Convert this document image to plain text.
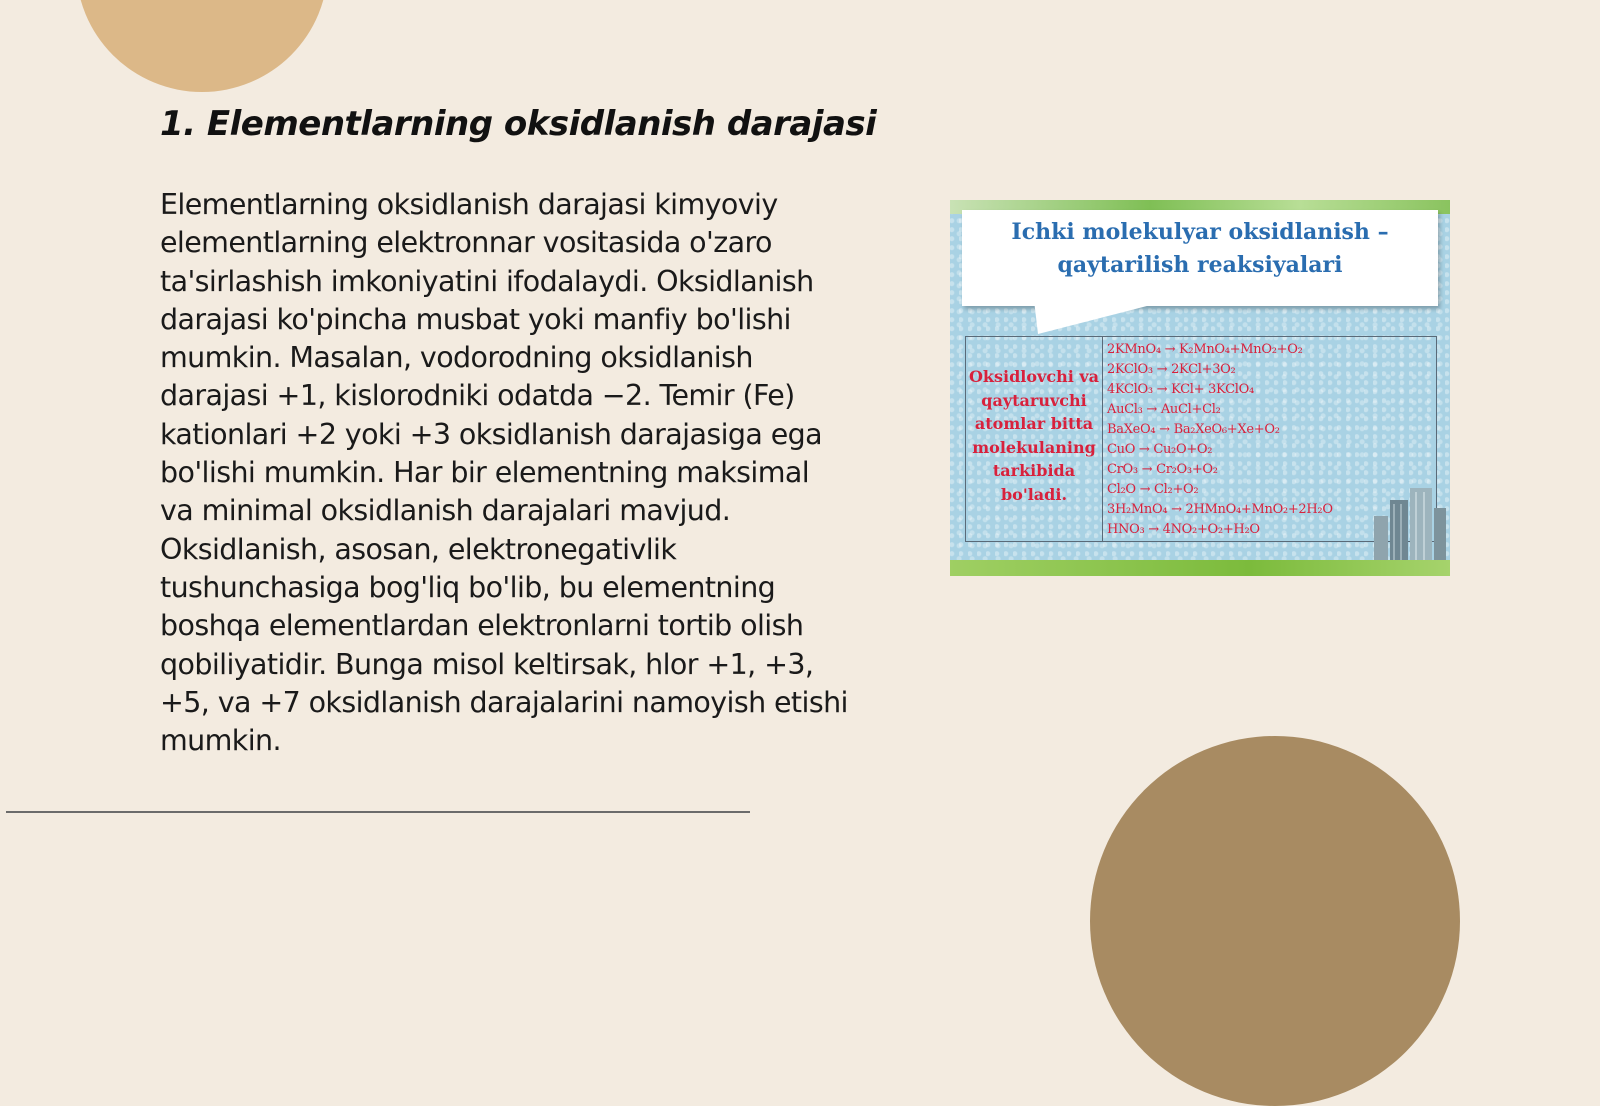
1. Elementlarning oksidlanish darajasi

Elementlarning oksidlanish darajasi kimyoviy elementlarning elektronnar vositasida o'zaro ta'sirlashish imkoniyatini ifodalaydi. Oksidlanish darajasi ko'pincha musbat yoki manfiy bo'lishi mumkin. Masalan, vodorodning oksidlanish darajasi +1, kislorodniki odatda −2. Temir (Fe) kationlari +2 yoki +3 oksidlanish darajasiga ega bo'lishi mumkin. Har bir elementning maksimal va minimal oksidlanish darajalari mavjud. Oksidlanish, asosan, elektronegativlik tushunchasiga bog'liq bo'lib, bu elementning boshqa elementlardan elektronlarni tortib olish qobiliyatidir. Bunga misol keltirsak, hlor +1, +3, +5, va +7 oksidlanish darajalarini namoyish etishi mumkin.

Ichki molekulyar oksidlanish – qaytarilish reaksiyalari
Oksidlovchi va qaytaruvchi atomlar bitta molekulaning tarkibida bo'ladi.
2KMnO₄ → K₂MnO₄+MnO₂+O₂
2KClO₃ → 2KCl+3O₂
4KClO₃ → KCl+ 3KClO₄
AuCl₃ → AuCl+Cl₂
BaXeO₄ → Ba₂XeO₆+Xe+O₂
CuO → Cu₂O+O₂
CrO₃ → Cr₂O₃+O₂
Cl₂O → Cl₂+O₂
3H₂MnO₄ → 2HMnO₄+MnO₂+2H₂O
HNO₃ → 4NO₂+O₂+H₂O
